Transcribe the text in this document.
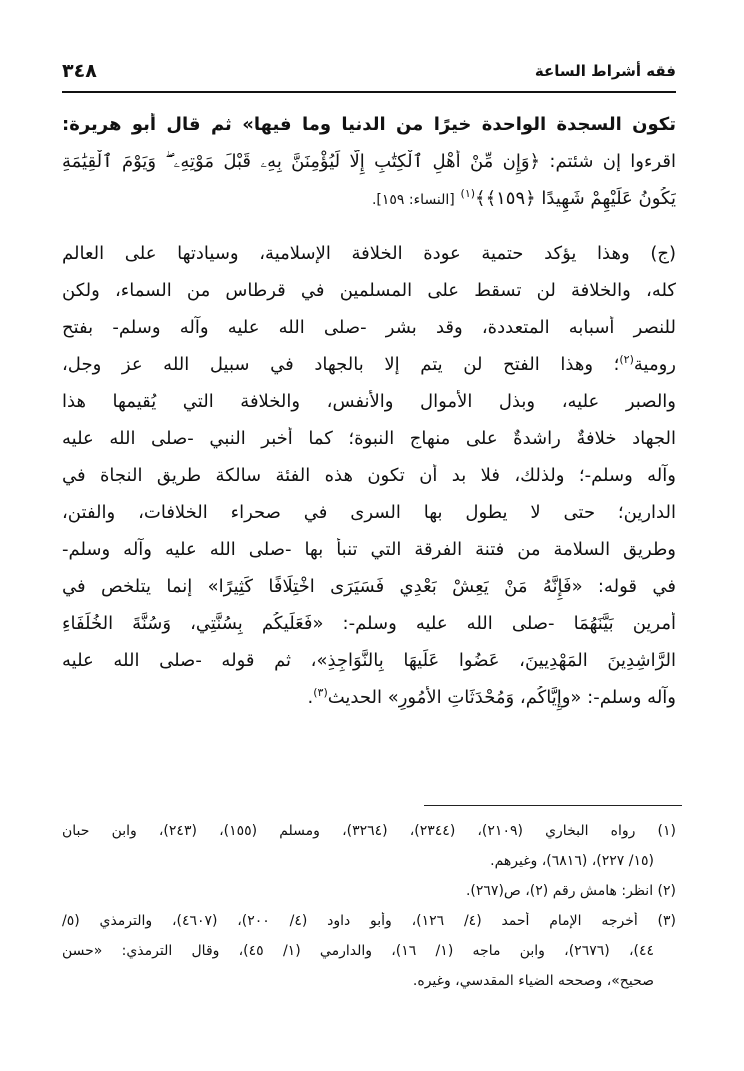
٣٤٨	فقه أشراط الساعة
تكون السجدة الواحدة خيرًا من الدنيا وما فيها» ثم قال أبو هريرة:
اقرءوا إن شئتم: ﴿وَإِن مِّنْ أَهْلِ ٱلْكِتَٰبِ إِلَّا لَيُؤْمِنَنَّ بِهِۦ قَبْلَ مَوْتِهِۦ ۖ وَيَوْمَ ٱلْقِيَٰمَةِ
يَكُونُ عَلَيْهِمْ شَهِيدًا ﴿١٥٩﴾﴾$^{(١)}$ [النساء: ١٥٩].
(ج) وهذا يؤكد حتمية عودة الخلافة الإسلامية، وسيادتها على العالم
كله، والخلافة لن تسقط على المسلمين في قرطاس من السماء، ولكن
للنصر أسبابه المتعددة، وقد بشر -صلى الله عليه وآله وسلم- بفتح
رومية$^{(٢)}$؛ وهذا الفتح لن يتم إلا بالجهاد في سبيل الله عز وجل،
والصبر عليه، وبذل الأموال والأنفس، والخلافة التي يُقيمها هذا
الجهاد خلافةٌ راشدةٌ على منهاج النبوة؛ كما أخبر النبي -صلى الله عليه
وآله وسلم-؛ ولذلك، فلا بد أن تكون هذه الفئة سالكة طريق النجاة في
الدارين؛ حتى لا يطول بها السرى في صحراء الخلافات، والفتن،
وطريق السلامة من فتنة الفرقة التي تنبأ بها -صلى الله عليه وآله وسلم-
في قوله: «فَإِنَّهُ مَنْ يَعِشْ بَعْدِي فَسَيَرَى اخْتِلَافًا كَثِيرًا» إنما يتلخص في
أمرين بَيَّنَهُمَا -صلى الله عليه وسلم-: «فَعَلَيكُم بِسُنَّتِي، وَسُنَّةَ الخُلَفَاءِ
الرَّاشِدِينَ المَهْدِيينَ، عَضُوا عَلَيهَا بِالنَّوَاجِذِ»، ثم قوله -صلى الله عليه
وآله وسلم-: «وإِيَّاكُم، وَمُحْدَثَاتِ الأُمُورِ» الحديث$^{(٣)}$.
(١) رواه البخاري (٢١٠٩)، (٢٣٤٤)، (٣٢٦٤)، ومسلم (١٥٥)، (٢٤٣)، وابن حبان
(١٥/ ٢٢٧)، (٦٨١٦)، وغيرهم.
(٢) انظر: هامش رقم (٢)، ص(٢٦٧).
(٣) أخرجه الإمام أحمد (٤/ ١٢٦)، وأبو داود (٤/ ٢٠٠)، (٤٦٠٧)، والترمذي (٥/
٤٤)، (٢٦٧٦)، وابن ماجه (١/ ١٦)، والدارمي (١/ ٤٥)، وقال الترمذي: «حسن
صحيح»، وصححه الضياء المقدسي، وغيره.
